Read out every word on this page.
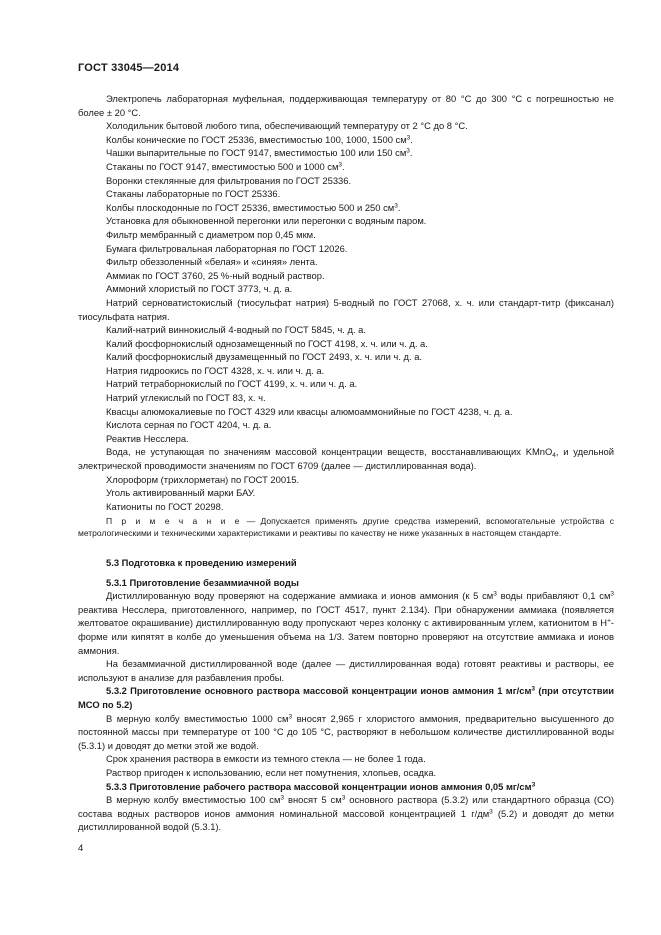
ГОСТ 33045—2014

Электропечь лабораторная муфельная, поддерживающая температуру от 80 °С до 300 °С с погрешностью не более ± 20 °С.

Холодильник бытовой любого типа, обеспечивающий температуру от 2 °С до 8 °С.

Колбы конические по ГОСТ 25336, вместимостью 100, 1000, 1500 $см^3$.

Чашки выпарительные по ГОСТ 9147, вместимостью 100 или 150 $см^3$.

Стаканы по ГОСТ 9147, вместимостью 500 и 1000 $см^3$.

Воронки стеклянные для фильтрования по ГОСТ 25336.

Стаканы лабораторные по ГОСТ 25336.

Колбы плоскодонные по ГОСТ 25336, вместимостью 500 и 250 $см^3$.

Установка для обыкновенной перегонки или перегонки с водяным паром.

Фильтр мембранный с диаметром пор 0,45 мкм.

Бумага фильтровальная лабораторная по ГОСТ 12026.

Фильтр обеззоленный «белая» и «синяя» лента.

Аммиак по ГОСТ 3760, 25 %-ный водный раствор.

Аммоний хлористый по ГОСТ 3773, ч. д. а.

Натрий серноватистокислый (тиосульфат натрия) 5-водный по ГОСТ 27068, х. ч. или стандарт-титр (фиксанал) тиосульфата натрия.

Калий-натрий виннокислый 4-водный по ГОСТ 5845, ч. д. а.

Калий фосфорнокислый однозамещенный по ГОСТ 4198, х. ч. или ч. д. а.

Калий фосфорнокислый двузамещенный по ГОСТ 2493, х. ч. или ч. д. а.

Натрия гидроокись по ГОСТ 4328, х. ч. или ч. д. а.

Натрий тетраборнокислый по ГОСТ 4199, х. ч. или ч. д. а.

Натрий углекислый по ГОСТ 83, х. ч.

Квасцы алюмокалиевые по ГОСТ 4329 или квасцы алюмоаммонийные по ГОСТ 4238, ч. д. а.

Кислота серная по ГОСТ 4204, ч. д. а.

Реактив Несслера.

Вода, не уступающая по значениям массовой концентрации веществ, восстанавливающих KMnO$_4$, и удельной электрической проводимости значениям по ГОСТ 6709 (далее — дистиллированная вода).

Хлороформ (трихлорметан) по ГОСТ 20015.

Уголь активированный марки БАУ.

Катиониты по ГОСТ 20298.

П р и м е ч а н и е — Допускается применять другие средства измерений, вспомогательные устройства с метрологическими и техническими характеристиками и реактивы по качеству не ниже указанных в настоящем стандарте.

5.3 Подготовка к проведению измерений

5.3.1 Приготовление безаммиачной воды

Дистиллированную воду проверяют на содержание аммиака и ионов аммония (к 5 $см^3$ воды прибавляют 0,1 $см^3$ реактива Несслера, приготовленного, например, по ГОСТ 4517, пункт 2.134). При обнаружении аммиака (появляется желтоватое окрашивание) дистиллированную воду пропускают через колонку с активированным углем, катионитом в H+-форме или кипятят в колбе до уменьшения объема на 1/3. Затем повторно проверяют на отсутствие аммиака и ионов аммония.

На безаммиачной дистиллированной воде (далее — дистиллированная вода) готовят реактивы и растворы, ее используют в анализе для разбавления пробы.

5.3.2 Приготовление основного раствора массовой концентрации ионов аммония 1 $мг/см^3$ (при отсутствии МСО по 5.2)

В мерную колбу вместимостью 1000 $см^3$ вносят 2,965 г хлористого аммония, предварительно высушенного до постоянной массы при температуре от 100 °С до 105 °С, растворяют в небольшом количестве дистиллированной воды (5.3.1) и доводят до метки этой же водой.

Срок хранения раствора в емкости из темного стекла — не более 1 года.

Раствор пригоден к использованию, если нет помутнения, хлопьев, осадка.

5.3.3 Приготовление рабочего раствора массовой концентрации ионов аммония 0,05 $мг/см^3$

В мерную колбу вместимостью 100 $см^3$ вносят 5 $см^3$ основного раствора (5.3.2) или стандартного образца (СО) состава водных растворов ионов аммония номинальной массовой концентрацией 1 $г/дм^3$ (5.2) и доводят до метки дистиллированной водой (5.3.1).

4
